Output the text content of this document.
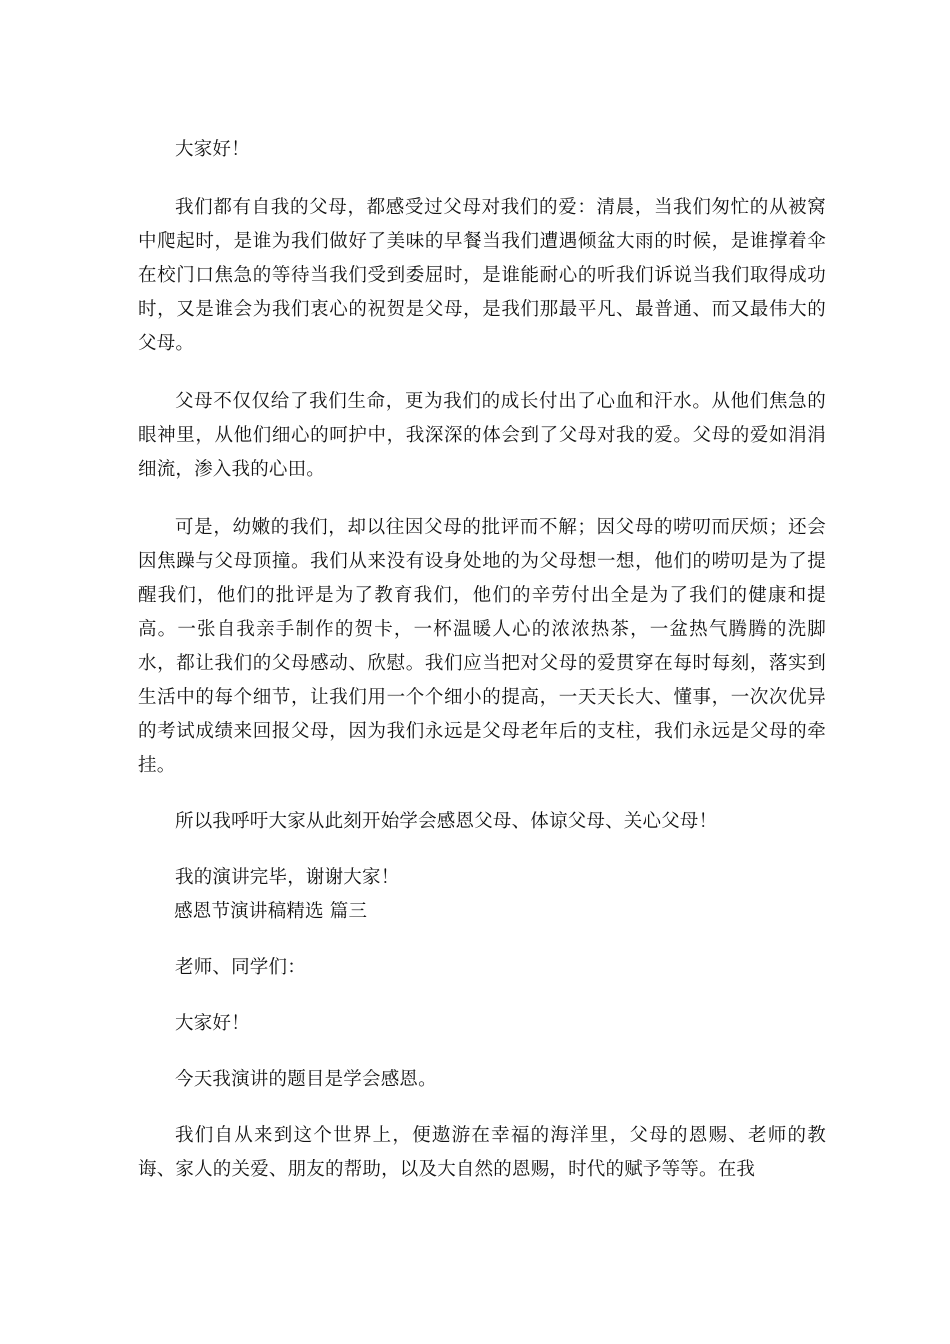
大家好！

我们都有自我的父母，都感受过父母对我们的爱：清晨，当我们匆忙的从被窝中爬起时，是谁为我们做好了美味的早餐当我们遭遇倾盆大雨的时候，是谁撑着伞在校门口焦急的等待当我们受到委屈时，是谁能耐心的听我们诉说当我们取得成功时，又是谁会为我们衷心的祝贺是父母，是我们那最平凡、最普通、而又最伟大的父母。

父母不仅仅给了我们生命，更为我们的成长付出了心血和汗水。从他们焦急的眼神里，从他们细心的呵护中，我深深的体会到了父母对我的爱。父母的爱如涓涓细流，渗入我的心田。

可是，幼嫩的我们，却以往因父母的批评而不解；因父母的唠叨而厌烦；还会因焦躁与父母顶撞。我们从来没有设身处地的为父母想一想，他们的唠叨是为了提醒我们，他们的批评是为了教育我们，他们的辛劳付出全是为了我们的健康和提高。一张自我亲手制作的贺卡，一杯温暖人心的浓浓热茶，一盆热气腾腾的洗脚水，都让我们的父母感动、欣慰。我们应当把对父母的爱贯穿在每时每刻，落实到生活中的每个细节，让我们用一个个细小的提高，一天天长大、懂事，一次次优异的考试成绩来回报父母，因为我们永远是父母老年后的支柱，我们永远是父母的牵挂。

所以我呼吁大家从此刻开始学会感恩父母、体谅父母、关心父母！

我的演讲完毕，谢谢大家！

感恩节演讲稿精选 篇三

老师、同学们：

大家好！

今天我演讲的题目是学会感恩。

我们自从来到这个世界上，便遨游在幸福的海洋里，父母的恩赐、老师的教诲、家人的关爱、朋友的帮助，以及大自然的恩赐，时代的赋予等等。在我
